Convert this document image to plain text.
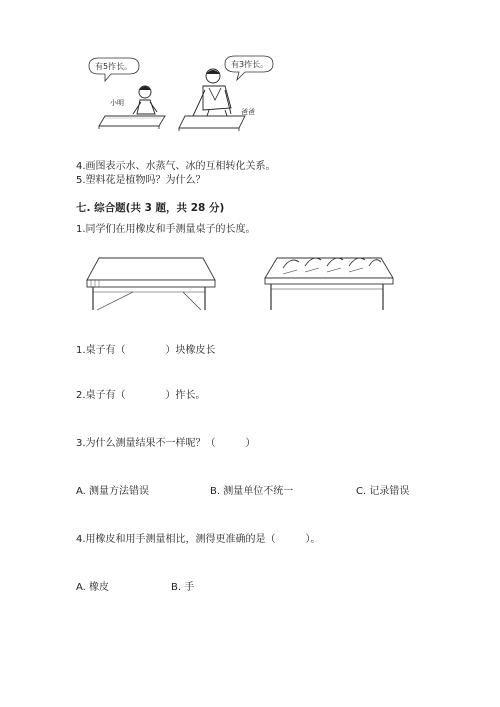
有5拃长。	有3拃长。
小明
爸爸
4.画图表示水、水蒸气、冰的互相转化关系。
5.塑料花是植物吗？为什么？
七. 综合题(共 3 题，共 28 分)
1.同学们在用橡皮和手测量桌子的长度。
1.桌子有（　　　　）块橡皮长
2.桌子有（　　　　）拃长。
3.为什么测量结果不一样呢？（　　　）
A. 测量方法错误	B. 测量单位不统一	C. 记录错误
4.用橡皮和用手测量相比，测得更准确的是（　　　）。
A. 橡皮	B. 手
